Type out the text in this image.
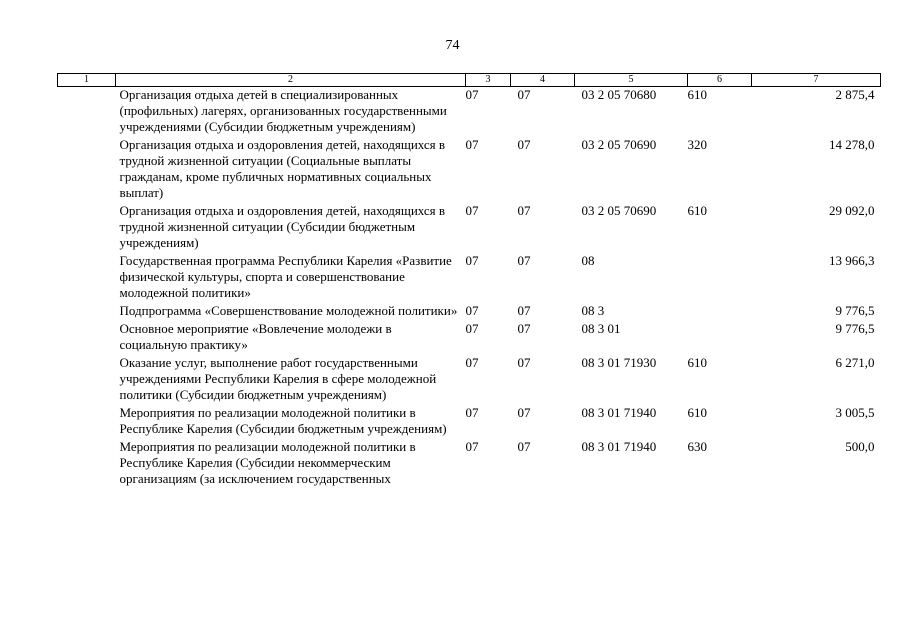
74
1	2	3	4	5	6	7
	Организация отдыха детей в специализированных (профильных) лагерях, организованных государственными учреждениями (Субсидии бюджетным учреждениям)	07	07	03 2 05 70680	610	2 875,4
	Организация отдыха и оздоровления детей, находящихся в трудной жизненной ситуации (Социальные выплаты гражданам, кроме публичных нормативных социальных выплат)	07	07	03 2 05 70690	320	14 278,0
	Организация отдыха и оздоровления детей, находящихся в трудной жизненной ситуации (Субсидии бюджетным учреждениям)	07	07	03 2 05 70690	610	29 092,0
	Государственная программа Республики Карелия «Развитие физической культуры, спорта и совершенствование молодежной политики»	07	07	08		13 966,3
	Подпрограмма «Совершенствование молодежной политики»	07	07	08 3		9 776,5
	Основное мероприятие «Вовлечение молодежи в социальную практику»	07	07	08 3 01		9 776,5
	Оказание услуг, выполнение работ государственными учреждениями Республики Карелия в сфере молодежной политики (Субсидии бюджетным учреждениям)	07	07	08 3 01 71930	610	6 271,0
	Мероприятия по реализации молодежной политики в Республике Карелия (Субсидии бюджетным учреждениям)	07	07	08 3 01 71940	610	3 005,5
	Мероприятия по реализации молодежной политики в Республике Карелия (Субсидии некоммерческим организациям (за исключением государственных	07	07	08 3 01 71940	630	500,0
